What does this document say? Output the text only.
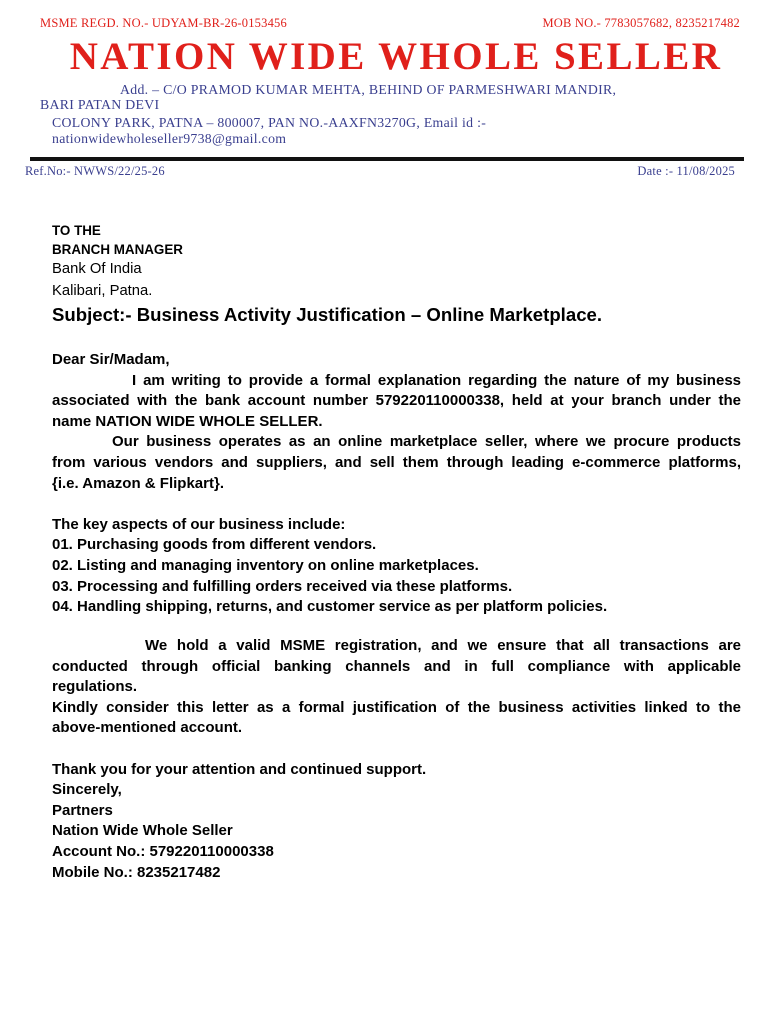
MSME REGD. NO.- UDYAM-BR-26-0153456	MOB NO.- 7783057682, 8235217482
NATION WIDE WHOLE SELLER
Add. – C/O PRAMOD KUMAR MEHTA, BEHIND OF PARMESHWARI MANDIR,
BARI PATAN DEVI
COLONY PARK, PATNA – 800007, PAN NO.-AAXFN3270G, Email id :-
nationwidewholeseller9738@gmail.com
Ref.No:- NWWS/22/25-26	Date :- 11/08/2025
TO THE
BRANCH MANAGER
Bank Of India
Kalibari, Patna.
Subject:- Business Activity Justification – Online Marketplace.
Dear Sir/Madam,
I am writing to provide a formal explanation regarding the nature of my business
associated with the bank account number 579220110000338, held at your branch under the
name NATION WIDE WHOLE SELLER.
Our business operates as an online marketplace seller, where we procure products
from various vendors and suppliers, and sell them through leading e-commerce platforms,
{i.e. Amazon & Flipkart}.
The key aspects of our business include:
01. Purchasing goods from different vendors.
02. Listing and managing inventory on online marketplaces.
03. Processing and fulfilling orders received via these platforms.
04. Handling shipping, returns, and customer service as per platform policies.
We hold a valid MSME registration, and we ensure that all transactions are
conducted through official banking channels and in full compliance with applicable
regulations.
Kindly consider this letter as a formal justification of the business activities linked to the
above-mentioned account.
Thank you for your attention and continued support.
Sincerely,
Partners
Nation Wide Whole Seller
Account No.: 579220110000338
Mobile No.: 8235217482
